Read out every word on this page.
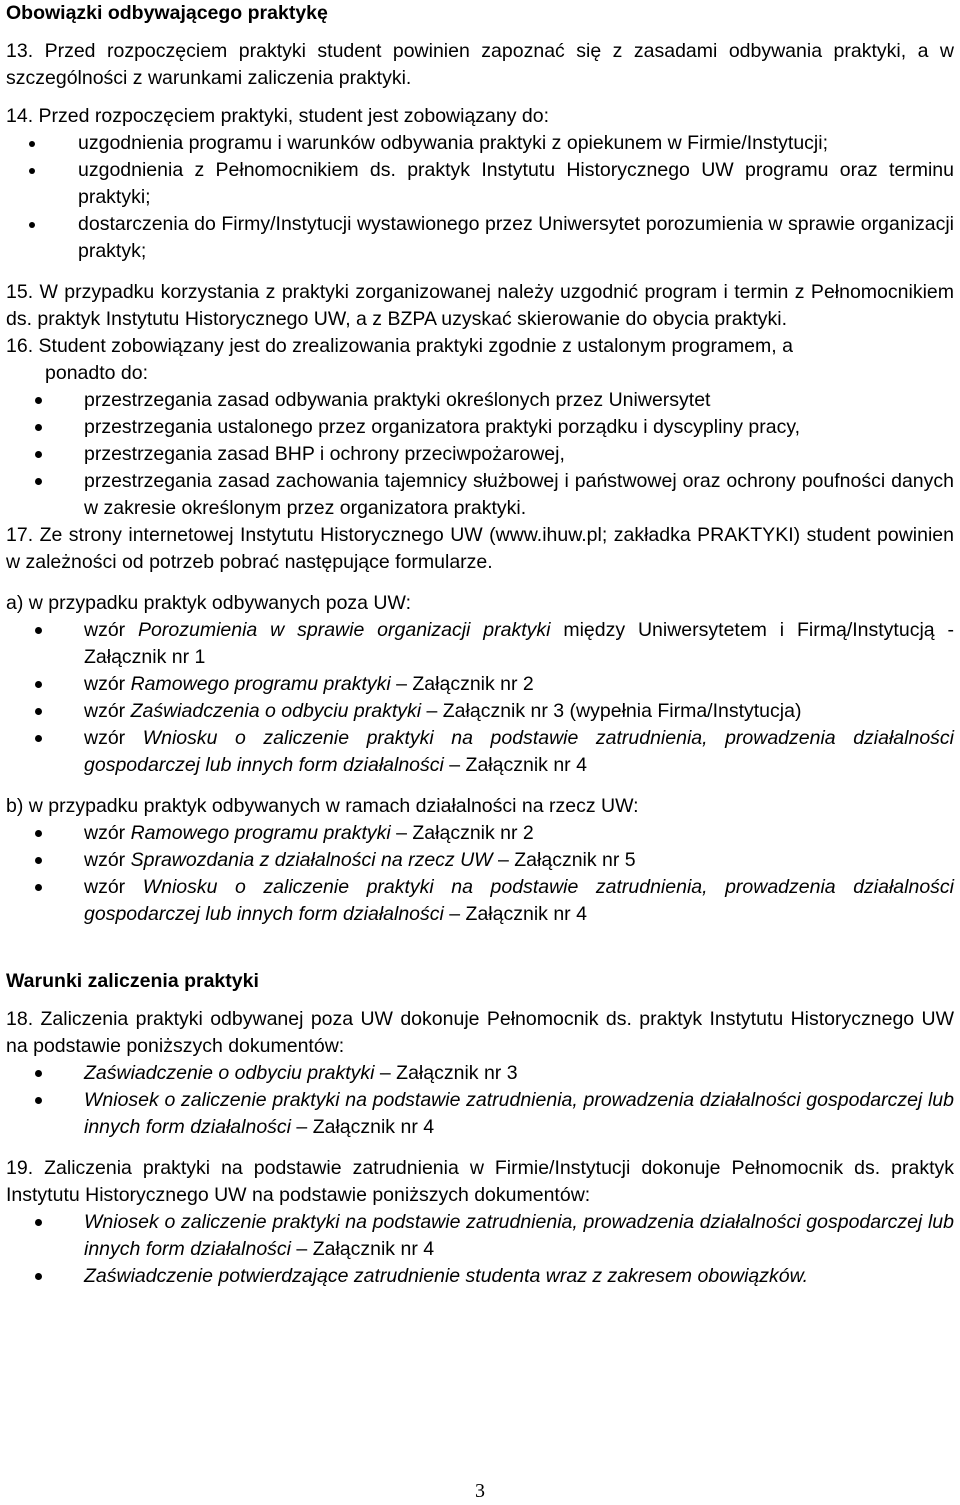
Obowiązki odbywającego praktykę

13. Przed rozpoczęciem praktyki student powinien zapoznać się z zasadami odbywania praktyki, a w szczególności z warunkami zaliczenia praktyki.

14. Przed rozpoczęciem praktyki, student jest zobowiązany do:

uzgodnienia programu i warunków odbywania praktyki z opiekunem w Firmie/Instytucji;
uzgodnienia z Pełnomocnikiem ds. praktyk Instytutu Historycznego UW programu oraz terminu praktyki;
dostarczenia do Firmy/Instytucji wystawionego przez Uniwersytet porozumienia w sprawie organizacji praktyk;

15. W przypadku korzystania z praktyki zorganizowanej należy uzgodnić program i termin z Pełnomocnikiem ds. praktyk Instytutu Historycznego UW, a z BZPA uzyskać skierowanie do obycia praktyki.

16. Student zobowiązany jest do zrealizowania praktyki zgodnie z ustalonym programem, a

ponadto do:

przestrzegania zasad odbywania praktyki określonych przez Uniwersytet
przestrzegania ustalonego przez organizatora praktyki porządku i dyscypliny pracy,
przestrzegania zasad BHP i ochrony przeciwpożarowej,
przestrzegania zasad zachowania tajemnicy służbowej i państwowej oraz ochrony poufności danych w zakresie określonym przez organizatora praktyki.

17. Ze strony internetowej Instytutu Historycznego UW (www.ihuw.pl; zakładka PRAKTYKI) student powinien w zależności od potrzeb pobrać następujące formularze.

a) w przypadku praktyk odbywanych poza UW:

wzór Porozumienia w sprawie organizacji praktyki między Uniwersytetem i Firmą/Instytucją - Załącznik nr 1
wzór Ramowego programu praktyki – Załącznik nr 2
wzór Zaświadczenia o odbyciu praktyki – Załącznik nr 3 (wypełnia Firma/Instytucja)
wzór Wniosku o zaliczenie praktyki na podstawie zatrudnienia, prowadzenia działalności gospodarczej lub innych form działalności – Załącznik nr 4

b) w przypadku praktyk odbywanych w ramach działalności na rzecz UW:

wzór Ramowego programu praktyki – Załącznik nr 2
wzór Sprawozdania z działalności na rzecz UW – Załącznik nr 5
wzór Wniosku o zaliczenie praktyki na podstawie zatrudnienia, prowadzenia działalności gospodarczej lub innych form działalności – Załącznik nr 4

Warunki zaliczenia praktyki

18. Zaliczenia praktyki odbywanej poza UW dokonuje Pełnomocnik ds. praktyk Instytutu Historycznego UW na podstawie poniższych dokumentów:

Zaświadczenie o odbyciu praktyki – Załącznik nr 3
Wniosek o zaliczenie praktyki na podstawie zatrudnienia, prowadzenia działalności gospodarczej lub innych form działalności – Załącznik nr 4

19. Zaliczenia praktyki na podstawie zatrudnienia w Firmie/Instytucji dokonuje Pełnomocnik ds. praktyk Instytutu Historycznego UW na podstawie poniższych dokumentów:

Wniosek o zaliczenie praktyki na podstawie zatrudnienia, prowadzenia działalności gospodarczej lub innych form działalności – Załącznik nr 4
Zaświadczenie potwierdzające zatrudnienie studenta wraz z zakresem obowiązków.
3
